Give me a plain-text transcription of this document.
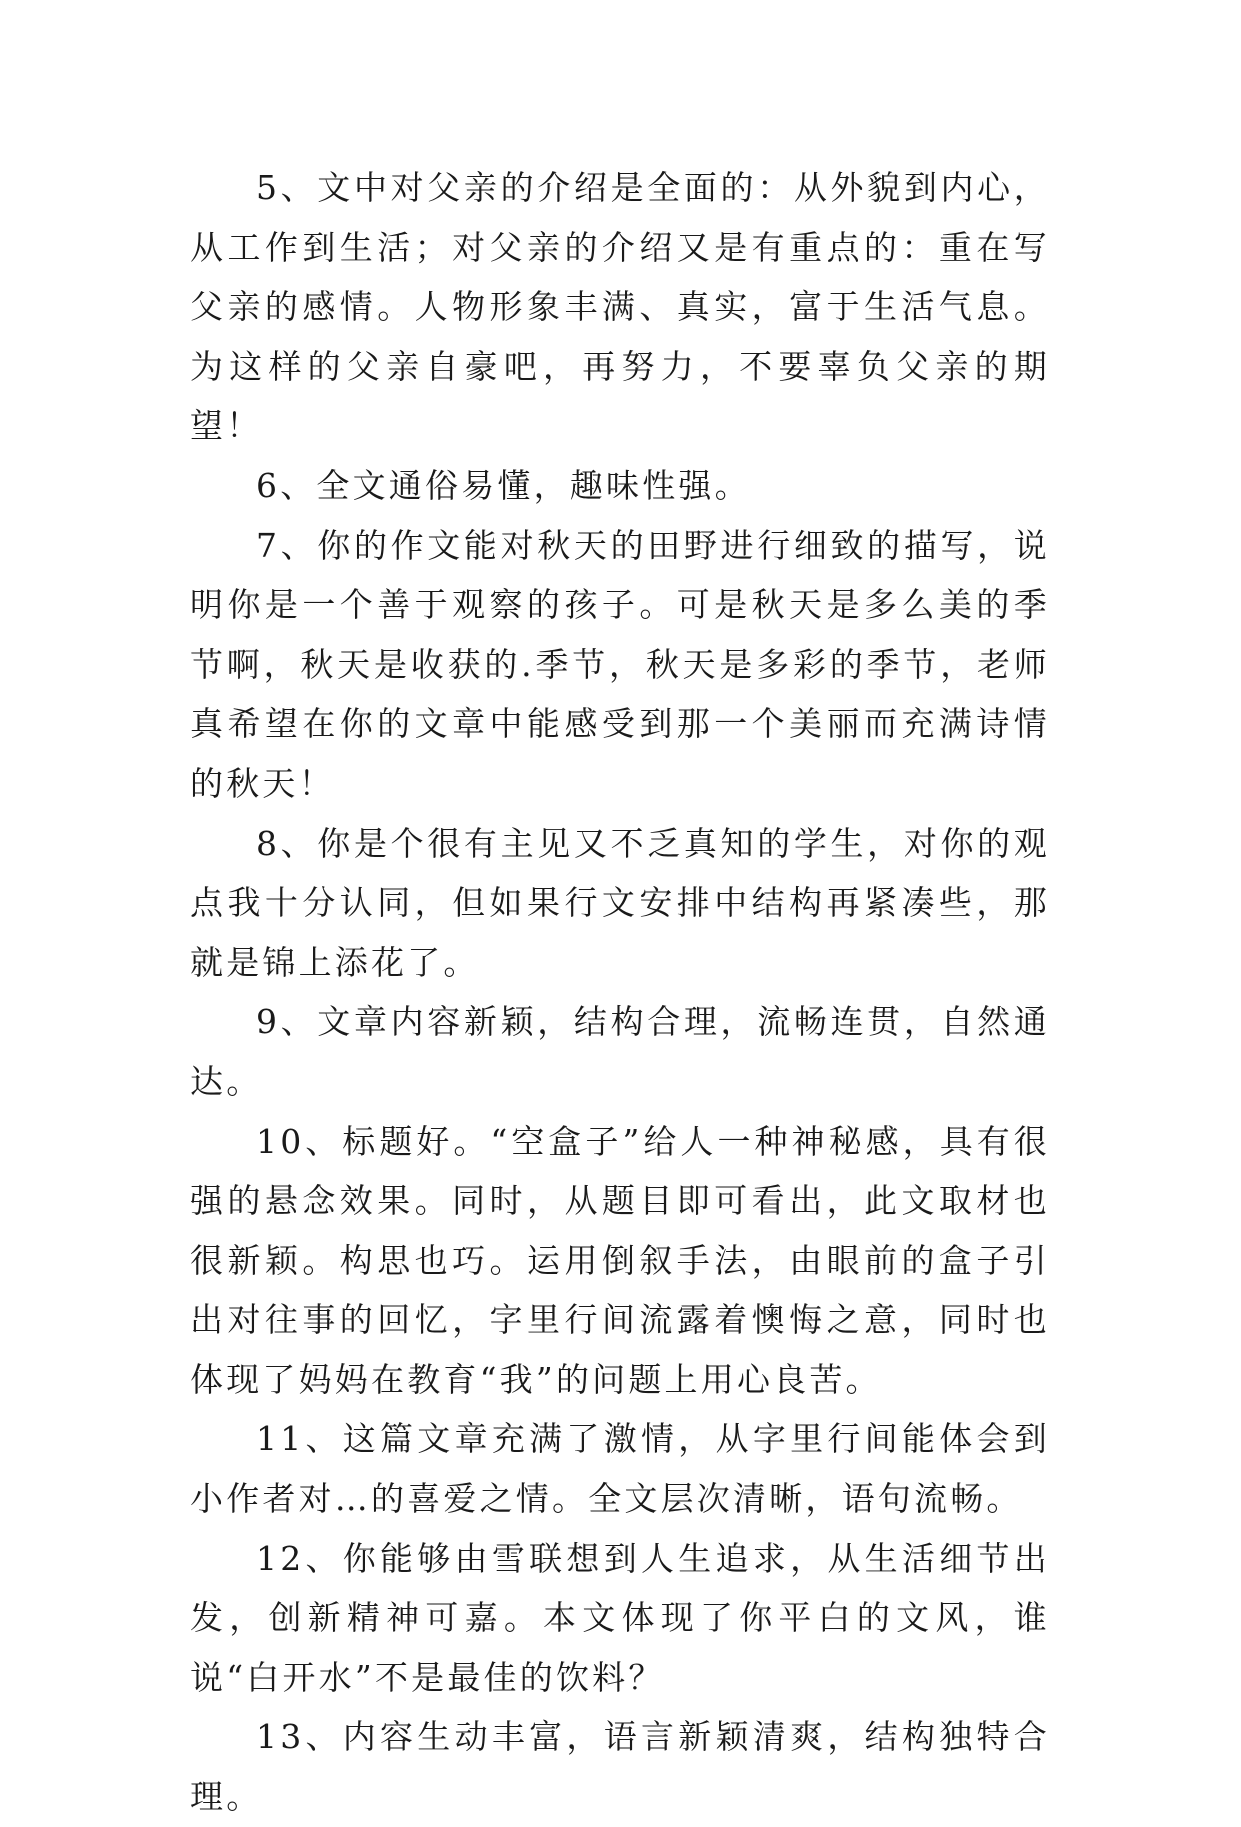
5、文中对父亲的介绍是全面的：从外貌到内心，从工作到生活；对父亲的介绍又是有重点的：重在写父亲的感情。人物形象丰满、真实，富于生活气息。为这样的父亲自豪吧，再努力，不要辜负父亲的期望！

6、全文通俗易懂，趣味性强。

7、你的作文能对秋天的田野进行细致的描写，说明你是一个善于观察的孩子。可是秋天是多么美的季节啊，秋天是收获的.季节，秋天是多彩的季节，老师真希望在你的文章中能感受到那一个美丽而充满诗情的秋天！

8、你是个很有主见又不乏真知的学生，对你的观点我十分认同，但如果行文安排中结构再紧凑些，那就是锦上添花了。

9、文章内容新颖，结构合理，流畅连贯，自然通达。

10、标题好。“空盒子”给人一种神秘感，具有很强的悬念效果。同时，从题目即可看出，此文取材也很新颖。构思也巧。运用倒叙手法，由眼前的盒子引出对往事的回忆，字里行间流露着懊悔之意，同时也体现了妈妈在教育“我”的问题上用心良苦。

11、这篇文章充满了激情，从字里行间能体会到小作者对…的喜爱之情。全文层次清晰，语句流畅。

12、你能够由雪联想到人生追求，从生活细节出发，创新精神可嘉。本文体现了你平白的文风，谁说“白开水”不是最佳的饮料？

13、内容生动丰富，语言新颖清爽，结构独特合理。
